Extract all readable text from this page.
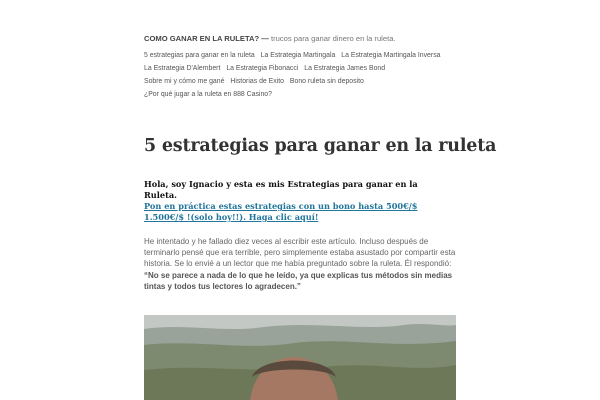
COMO GANAR EN LA RULETA? — trucos para ganar dinero en la ruleta.
5 estrategias para ganar en la ruleta La Estrategia Martingala La Estrategia Martingala Inversa
La Estrategia D'Alembert La Estrategia Fibonacci La Estrategia James Bond
Sobre mi y cómo me gané Historias de Exito Bono ruleta sin deposito
¿Por qué jugar a la ruleta en 888 Casino?
5 estrategias para ganar en la ruleta
Hola, soy Ignacio y esta es mis Estrategias para ganar en la Ruleta.
Pon en práctica estas estrategias con un bono hasta 500€/$ 1.500€/$ !(solo hoy!!). Haga clic aquí!

He intentado y he fallado diez veces al escribir este artículo. Incluso después de terminarlo pensé que era terrible, pero simplemente estaba asustado por compartir esta historia. Se lo envié a un lector que me había preguntado sobre la ruleta. Él respondió: “No se parece a nada de lo que he leído, ya que explicas tus métodos sin medias tintas y todos tus lectores lo agradecen.”
